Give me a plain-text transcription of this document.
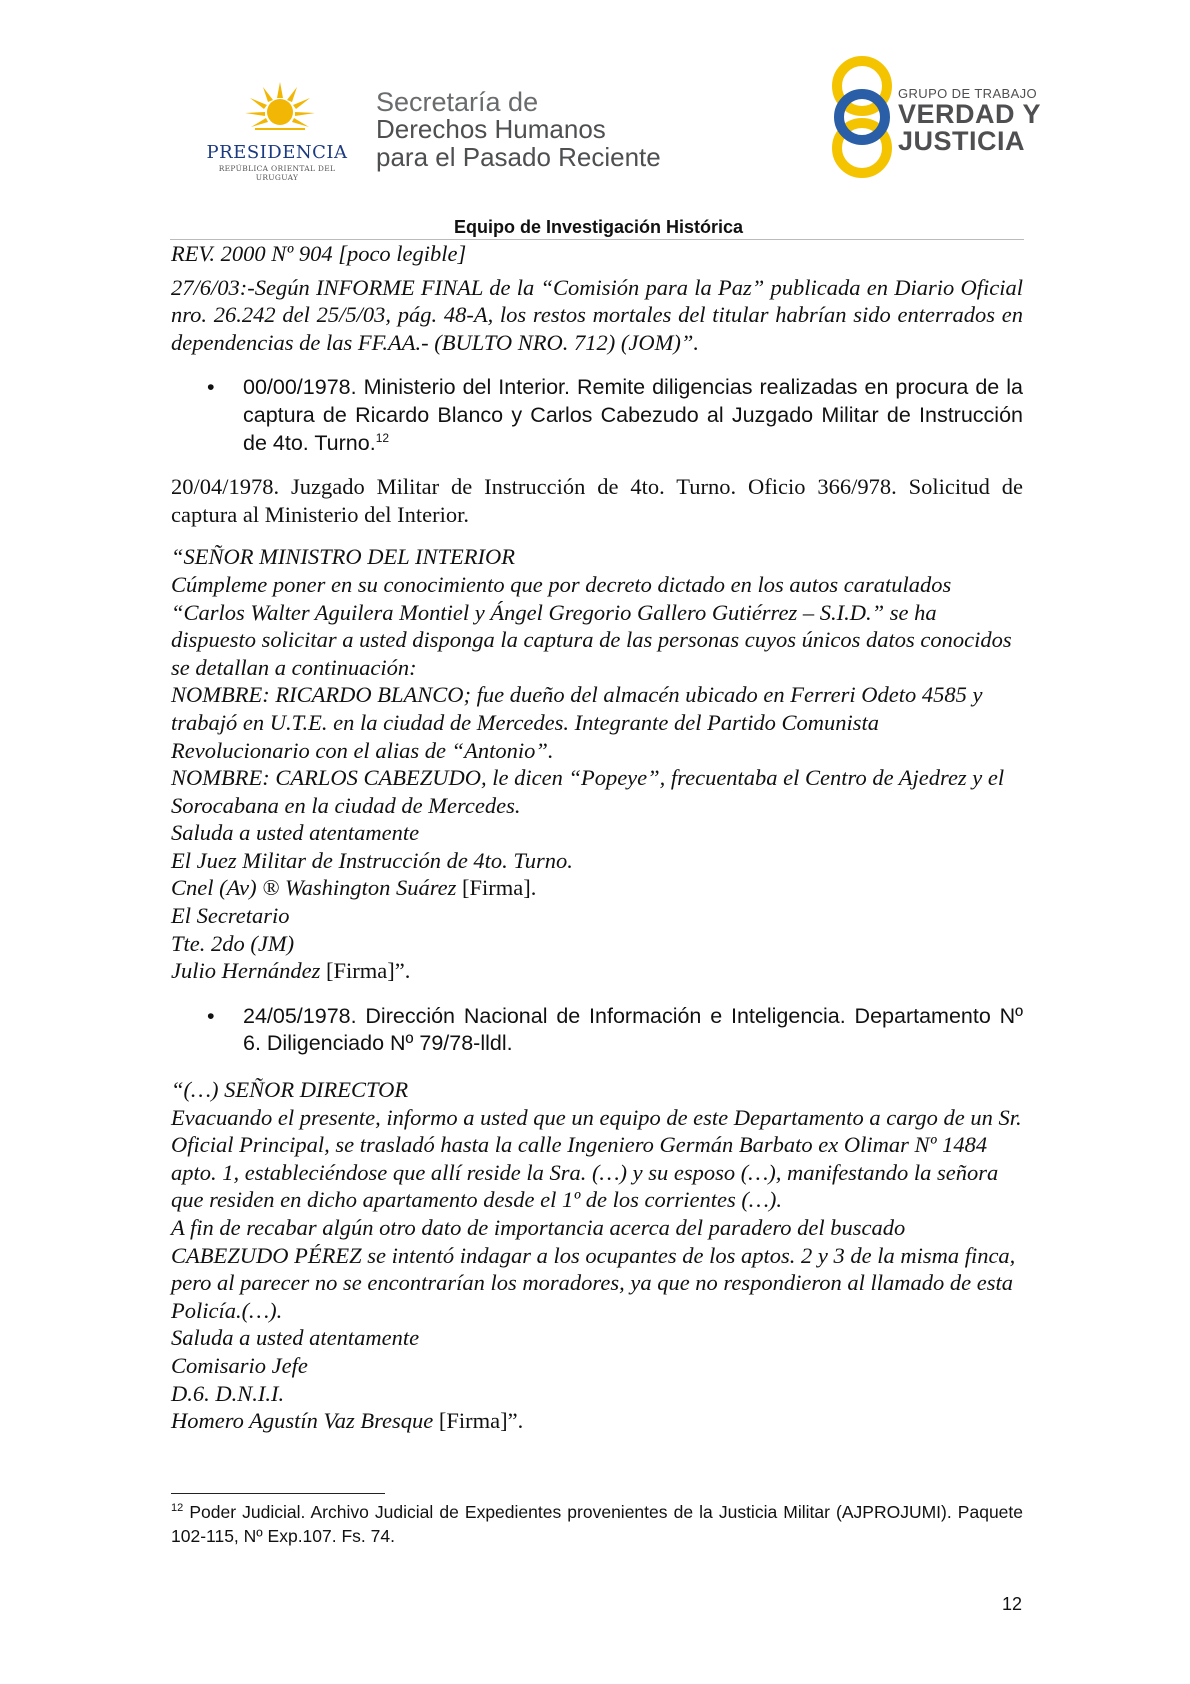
PRESIDENCIA
REPÚBLICA ORIENTAL DEL URUGUAY
Secretaría de
Derechos Humanos
para el Pasado Reciente
GRUPO DE TRABAJO
VERDAD Y
JUSTICIA
Equipo de Investigación Histórica

REV. 2000 Nº 904 [poco legible]

27/6/03:-Según INFORME FINAL de la “Comisión para la Paz” publicada en Diario Oficial nro. 26.242 del 25/5/03, pág. 48-A, los restos mortales del titular habrían sido enterrados en dependencias de las FF.AA.- (BULTO NRO. 712) (JOM)”.

• 00/00/1978. Ministerio del Interior. Remite diligencias realizadas en procura de la captura de Ricardo Blanco y Carlos Cabezudo al Juzgado Militar de Instrucción de 4to. Turno.$^{12}$

20/04/1978. Juzgado Militar de Instrucción de 4to. Turno. Oficio 366/978. Solicitud de captura al Ministerio del Interior.

“SEÑOR MINISTRO DEL INTERIOR

Cúmpleme poner en su conocimiento que por decreto dictado en los autos caratulados “Carlos Walter Aguilera Montiel y Ángel Gregorio Gallero Gutiérrez – S.I.D.” se ha dispuesto solicitar a usted disponga la captura de las personas cuyos únicos datos conocidos se detallan a continuación:

NOMBRE: RICARDO BLANCO; fue dueño del almacén ubicado en Ferreri Odeto 4585 y trabajó en U.T.E. en la ciudad de Mercedes. Integrante del Partido Comunista Revolucionario con el alias de “Antonio”.

NOMBRE: CARLOS CABEZUDO, le dicen “Popeye”, frecuentaba el Centro de Ajedrez y el Sorocabana en la ciudad de Mercedes.

Saluda a usted atentamente

El Juez Militar de Instrucción de 4to. Turno.

Cnel (Av) ® Washington Suárez [Firma].

El Secretario

Tte. 2do (JM)

Julio Hernández [Firma]”.

• 24/05/1978. Dirección Nacional de Información e Inteligencia. Departamento Nº 6. Diligenciado Nº 79/78-lldl.

“(…) SEÑOR DIRECTOR

Evacuando el presente, informo a usted que un equipo de este Departamento a cargo de un Sr. Oficial Principal, se trasladó hasta la calle Ingeniero Germán Barbato ex Olimar Nº 1484 apto. 1, estableciéndose que allí reside la Sra. (…) y su esposo (…), manifestando la señora que residen en dicho apartamento desde el 1º de los corrientes (…).

A fin de recabar algún otro dato de importancia acerca del paradero del buscado CABEZUDO PÉREZ se intentó indagar a los ocupantes de los aptos. 2 y 3 de la misma finca, pero al parecer no se encontrarían los moradores, ya que no respondieron al llamado de esta Policía.(…).

Saluda a usted atentamente

Comisario Jefe

D.6. D.N.I.I.

Homero Agustín Vaz Bresque [Firma]”.

$^{12}$ Poder Judicial. Archivo Judicial de Expedientes provenientes de la Justicia Militar (AJPROJUMI). Paquete 102-115, Nº Exp.107. Fs. 74.
12
